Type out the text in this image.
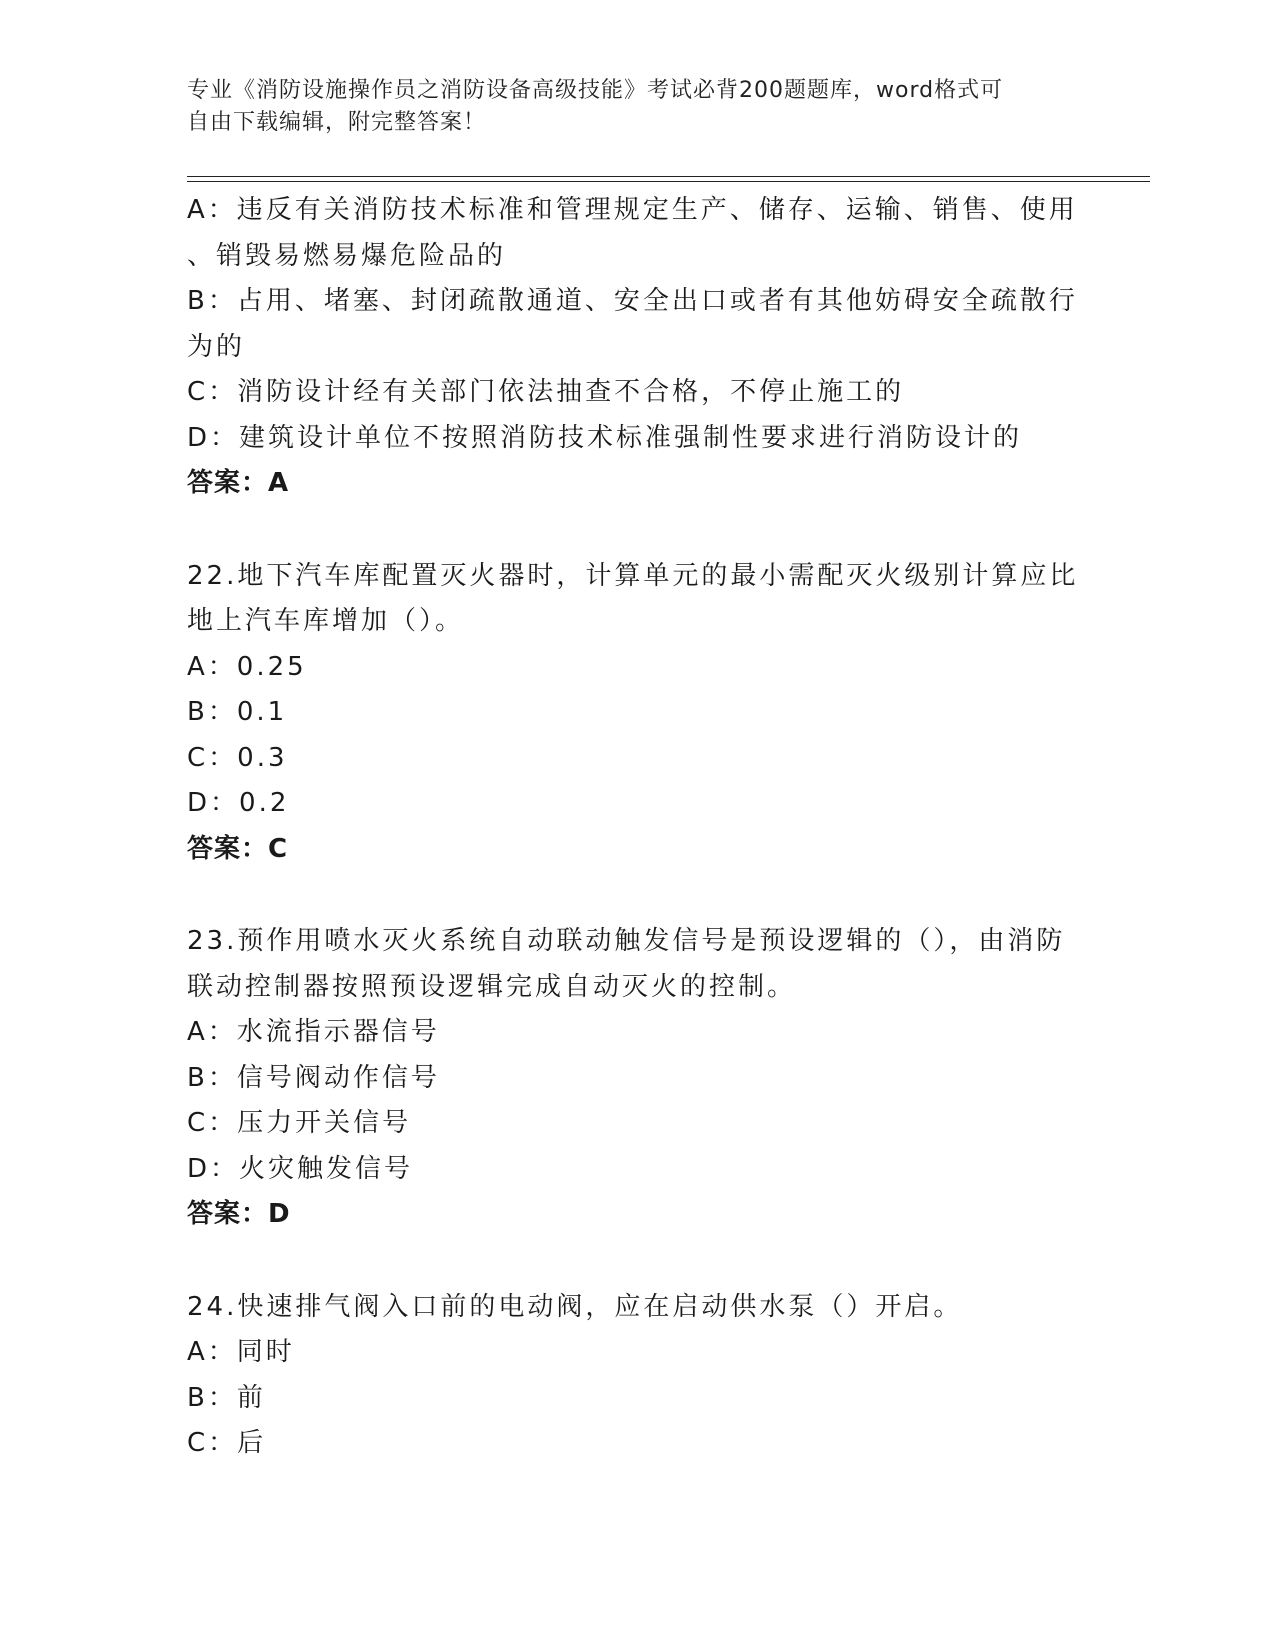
专业《消防设施操作员之消防设备高级技能》考试必背200题题库，word格式可
自由下载编辑，附完整答案！

A：违反有关消防技术标准和管理规定生产、储存、运输、销售、使用

、销毁易燃易爆危险品的

B：占用、堵塞、封闭疏散通道、安全出口或者有其他妨碍安全疏散行

为的

C：消防设计经有关部门依法抽查不合格，不停止施工的

D：建筑设计单位不按照消防技术标准强制性要求进行消防设计的

答案：A

22.地下汽车库配置灭火器时，计算单元的最小需配灭火级别计算应比

地上汽车库增加（）。

A：0.25

B：0.1

C：0.3

D：0.2

答案：C

23.预作用喷水灭火系统自动联动触发信号是预设逻辑的（），由消防

联动控制器按照预设逻辑完成自动灭火的控制。

A：水流指示器信号

B：信号阀动作信号

C：压力开关信号

D：火灾触发信号

答案：D

24.快速排气阀入口前的电动阀，应在启动供水泵（）开启。

A：同时

B：前

C：后
